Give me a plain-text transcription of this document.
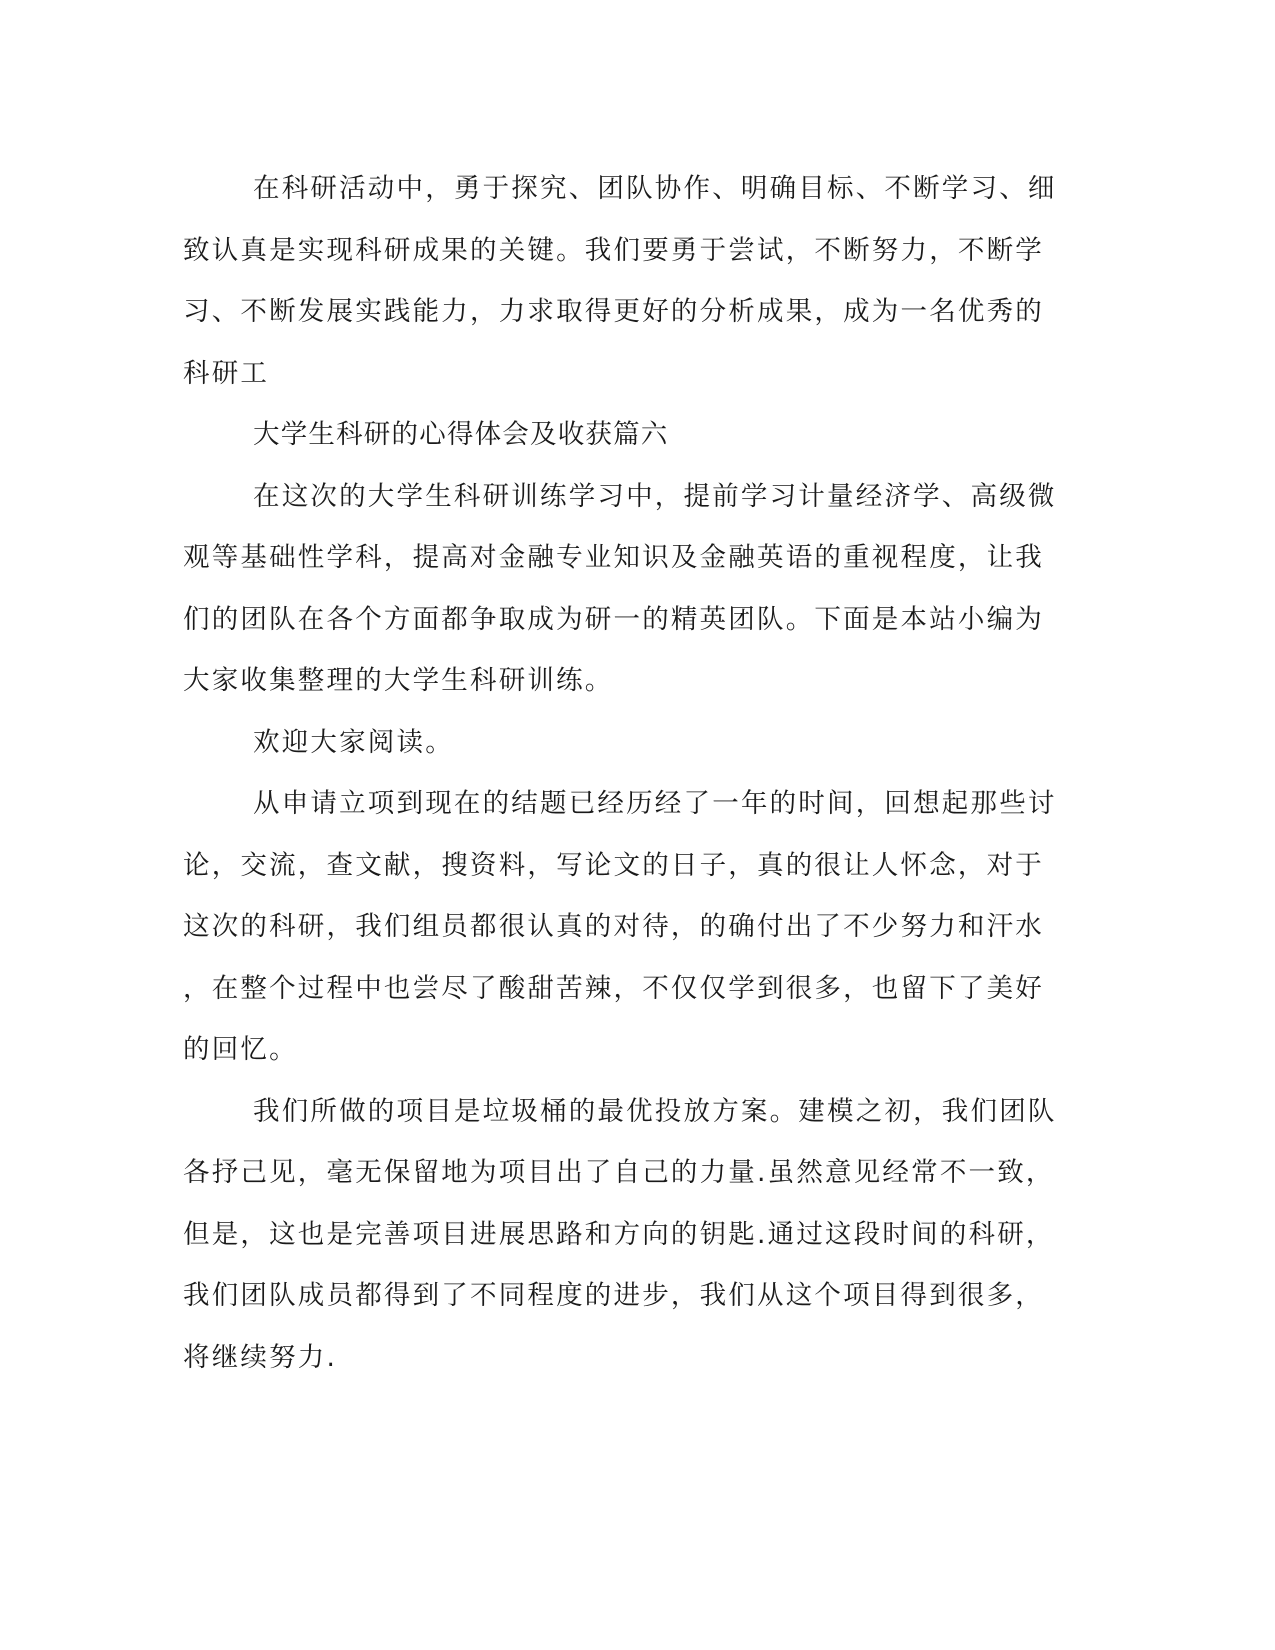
在科研活动中，勇于探究、团队协作、明确目标、不断学习、细
致认真是实现科研成果的关键。我们要勇于尝试，不断努力，不断学
习、不断发展实践能力，力求取得更好的分析成果，成为一名优秀的
科研工
大学生科研的心得体会及收获篇六
在这次的大学生科研训练学习中，提前学习计量经济学、高级微
观等基础性学科，提高对金融专业知识及金融英语的重视程度，让我
们的团队在各个方面都争取成为研一的精英团队。下面是本站小编为
大家收集整理的大学生科研训练。
欢迎大家阅读。
从申请立项到现在的结题已经历经了一年的时间，回想起那些讨
论，交流，查文献，搜资料，写论文的日子，真的很让人怀念，对于
这次的科研，我们组员都很认真的对待，的确付出了不少努力和汗水
，在整个过程中也尝尽了酸甜苦辣，不仅仅学到很多，也留下了美好
的回忆。
我们所做的项目是垃圾桶的最优投放方案。建模之初，我们团队
各抒己见，毫无保留地为项目出了自己的力量.虽然意见经常不一致，
但是，这也是完善项目进展思路和方向的钥匙.通过这段时间的科研，
我们团队成员都得到了不同程度的进步，我们从这个项目得到很多，
将继续努力.
